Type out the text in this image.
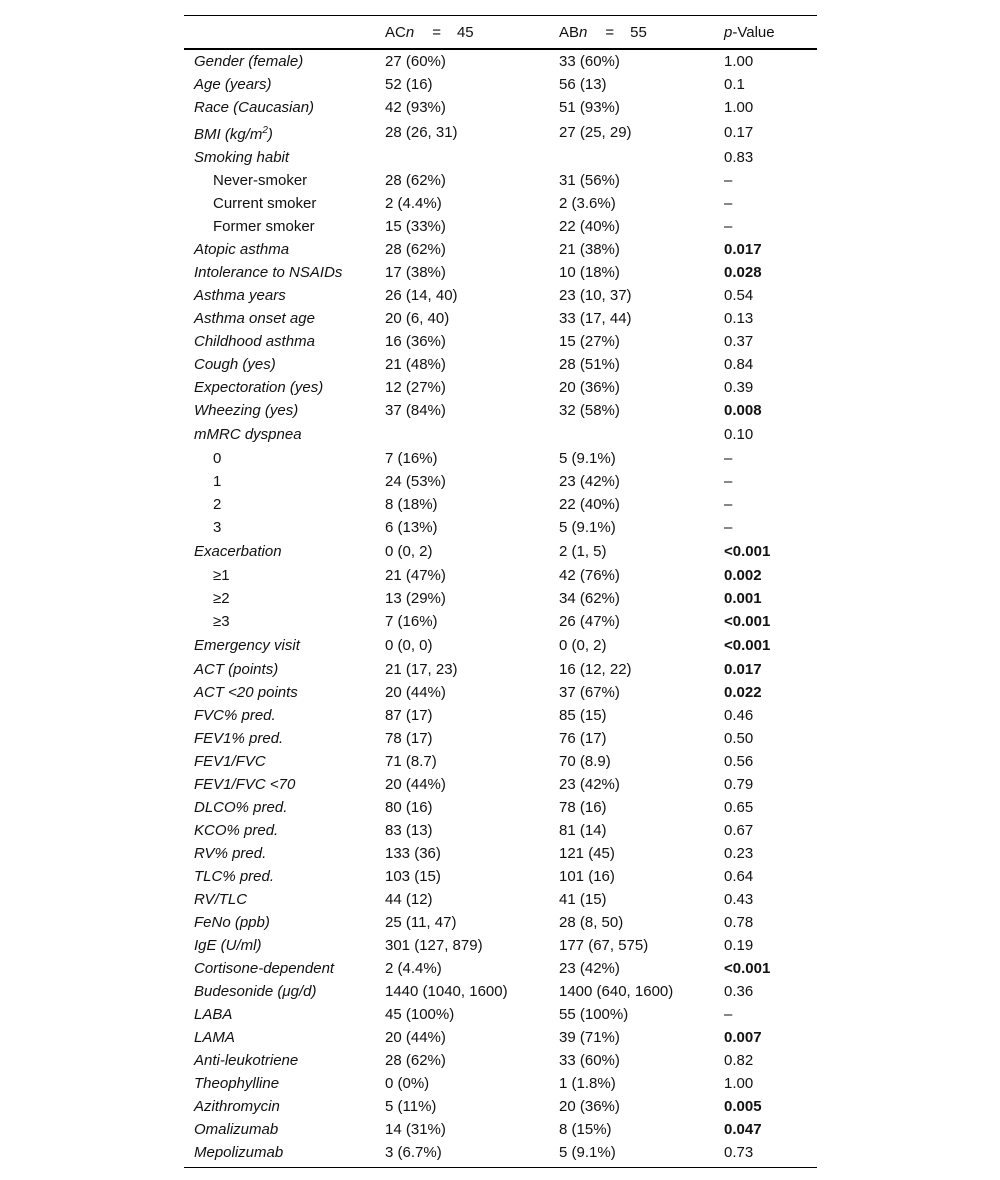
	ACn = 45	ABn = 55	p-Value
Gender (female)	27 (60%)	33 (60%)	1.00
Age (years)	52 (16)	56 (13)	0.1
Race (Caucasian)	42 (93%)	51 (93%)	1.00
BMI $(kg/m^2)$	28 (26, 31)	27 (25, 29)	0.17
Smoking habit			0.83
Never-smoker	28 (62%)	31 (56%)	–
Current smoker	2 (4.4%)	2 (3.6%)	–
Former smoker	15 (33%)	22 (40%)	–
Atopic asthma	28 (62%)	21 (38%)	0.017
Intolerance to NSAIDs	17 (38%)	10 (18%)	0.028
Asthma years	26 (14, 40)	23 (10, 37)	0.54
Asthma onset age	20 (6, 40)	33 (17, 44)	0.13
Childhood asthma	16 (36%)	15 (27%)	0.37
Cough (yes)	21 (48%)	28 (51%)	0.84
Expectoration (yes)	12 (27%)	20 (36%)	0.39
Wheezing (yes)	37 (84%)	32 (58%)	0.008
mMRC dyspnea			0.10
0	7 (16%)	5 (9.1%)	–
1	24 (53%)	23 (42%)	–
2	8 (18%)	22 (40%)	–
3	6 (13%)	5 (9.1%)	–
Exacerbation	0 (0, 2)	2 (1, 5)	<0.001
≥1	21 (47%)	42 (76%)	0.002
≥2	13 (29%)	34 (62%)	0.001
≥3	7 (16%)	26 (47%)	<0.001
Emergency visit	0 (0, 0)	0 (0, 2)	<0.001
ACT (points)	21 (17, 23)	16 (12, 22)	0.017
ACT <20 points	20 (44%)	37 (67%)	0.022
FVC% pred.	87 (17)	85 (15)	0.46
FEV1% pred.	78 (17)	76 (17)	0.50
FEV1/FVC	71 (8.7)	70 (8.9)	0.56
FEV1/FVC <70	20 (44%)	23 (42%)	0.79
DLCO% pred.	80 (16)	78 (16)	0.65
KCO% pred.	83 (13)	81 (14)	0.67
RV% pred.	133 (36)	121 (45)	0.23
TLC% pred.	103 (15)	101 (16)	0.64
RV/TLC	44 (12)	41 (15)	0.43
FeNo (ppb)	25 (11, 47)	28 (8, 50)	0.78
IgE (U/ml)	301 (127, 879)	177 (67, 575)	0.19
Cortisone-dependent	2 (4.4%)	23 (42%)	<0.001
Budesonide (μg/d)	1440 (1040, 1600)	1400 (640, 1600)	0.36
LABA	45 (100%)	55 (100%)	–
LAMA	20 (44%)	39 (71%)	0.007
Anti-leukotriene	28 (62%)	33 (60%)	0.82
Theophylline	0 (0%)	1 (1.8%)	1.00
Azithromycin	5 (11%)	20 (36%)	0.005
Omalizumab	14 (31%)	8 (15%)	0.047
Mepolizumab	3 (6.7%)	5 (9.1%)	0.73
